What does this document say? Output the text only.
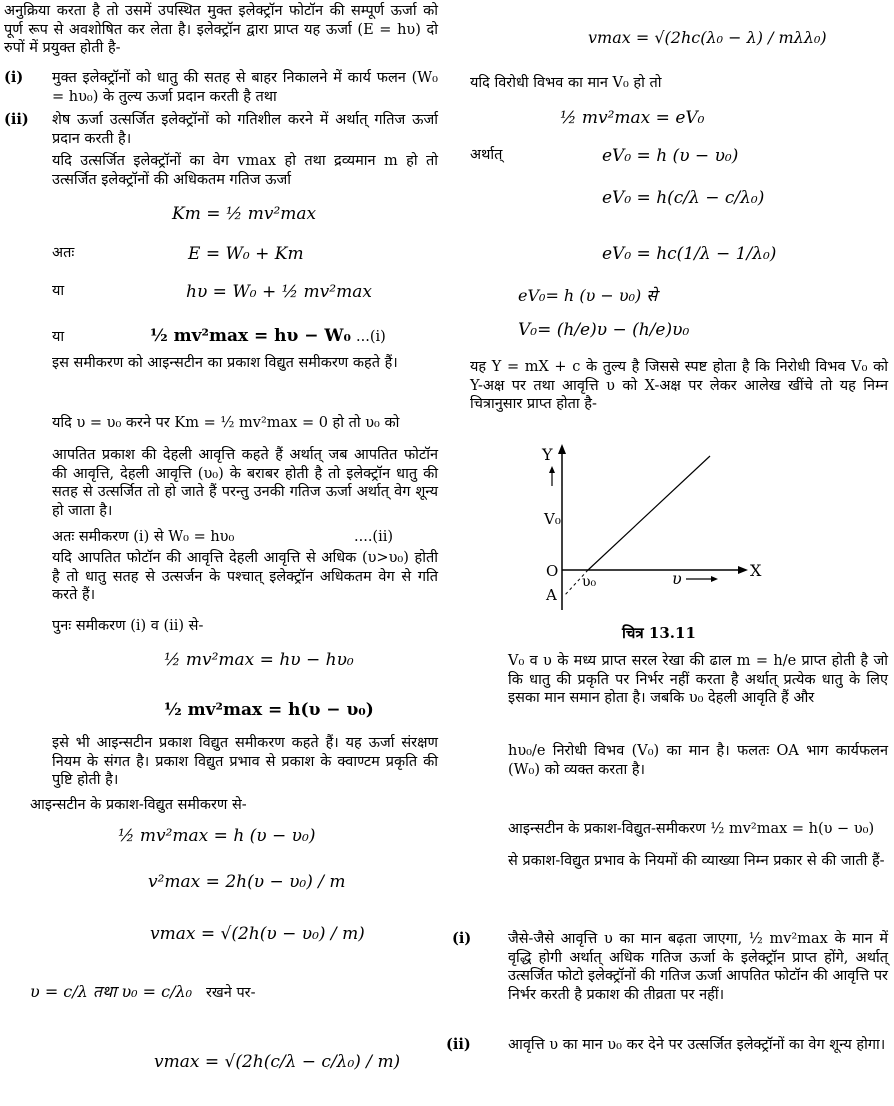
अनुक्रिया करता है तो उसमें उपस्थित मुक्त इलेक्ट्रॉन फोटॉन की सम्पूर्ण ऊर्जा को पूर्ण रूप से अवशोषित कर लेता है। इलेक्ट्रॉन द्वारा प्राप्त यह ऊर्जा (E = hυ) दो रुपों में प्रयुक्त होती है-

(i) मुक्त इलेक्ट्रॉनों को धातु की सतह से बाहर निकालने में कार्य फलन (W₀ = hυ₀) के तुल्य ऊर्जा प्रदान करती है तथा

(ii) शेष ऊर्जा उत्सर्जित इलेक्ट्रॉनों को गतिशील करने में अर्थात् गतिज ऊर्जा प्रदान करती है।

यदि उत्सर्जित इलेक्ट्रॉनों का वेग vmax हो तथा द्रव्यमान m हो तो उत्सर्जित इलेक्ट्रॉनों की अधिकतम गतिज ऊर्जा

Km = ½ mv²max
अतः	E = W₀ + Km
या	hυ = W₀ + ½ mv²max
या	½ mv²max = hυ − W₀ ...(i)

इस समीकरण को आइन्सटीन का प्रकाश विद्युत समीकरण कहते हैं।

यदि υ = υ₀ करने पर Km = ½ mv²max = 0 हो तो υ₀ को

आपतित प्रकाश की देहली आवृत्ति कहते हैं अर्थात् जब आपतित फोटॉन की आवृत्ति, देहली आवृत्ति (υ₀) के बराबर होती है तो इलेक्ट्रॉन धातु की सतह से उत्सर्जित तो हो जाते हैं परन्तु उनकी गतिज ऊर्जा अर्थात् वेग शून्य हो जाता है।

अतः समीकरण (i) से W₀ = hυ₀	....(ii)

यदि आपतित फोटॉन की आवृत्ति देहली आवृत्ति से अधिक (υ>υ₀) होती है तो धातु सतह से उत्सर्जन के पश्चात् इलेक्ट्रॉन अधिकतम वेग से गति करते हैं।

पुनः समीकरण (i) व (ii) से-
½ mv²max = hυ − hυ₀
½ mv²max = h(υ − υ₀)

इसे भी आइन्सटीन प्रकाश विद्युत समीकरण कहते हैं। यह ऊर्जा संरक्षण नियम के संगत है। प्रकाश विद्युत प्रभाव से प्रकाश के क्वाण्टम प्रकृति की पुष्टि होती है।

आइन्सटीन के प्रकाश-विद्युत समीकरण से-
½ mv²max = h (υ − υ₀)
v²max = 2h(υ − υ₀) / m
vmax = √(2h(υ − υ₀) / m)
υ = c/λ तथा υ₀ = c/λ₀ रखने पर-
vmax = √(2h(c/λ − c/λ₀) / m)
vmax = √(2hc(λ₀ − λ) / mλλ₀)
यदि विरोधी विभव का मान V₀ हो तो
½ mv²max = eV₀
अर्थात्	eV₀ = h (υ − υ₀)
eV₀ = h(c/λ − c/λ₀)
eV₀ = hc(1/λ − 1/λ₀)
eV₀= h (υ − υ₀) से
V₀= (h/e)υ − (h/e)υ₀

यह Y = mX + c के तुल्य है जिससे स्पष्ट होता है कि निरोधी विभव V₀ को Y-अक्ष पर तथा आवृत्ति υ को X-अक्ष पर लेकर आलेख खींचे तो यह निम्न चित्रानुसार प्राप्त होता है-

Y
X
V₀
υ
O
A
υ₀
चित्र 13.11

V₀ व υ के मध्य प्राप्त सरल रेखा की ढाल m = h/e प्राप्त होती है जो कि धातु की प्रकृति पर निर्भर नहीं करता है अर्थात् प्रत्येक धातु के लिए इसका मान समान होता है। जबकि υ₀ देहली आवृति हैं और

hυ₀/e निरोधी विभव (V₀) का मान है। फलतः OA भाग कार्यफलन (W₀) को व्यक्त करता है।

आइन्सटीन के प्रकाश-विद्युत-समीकरण ½ mv²max = h(υ − υ₀)

से प्रकाश-विद्युत प्रभाव के नियमों की व्याख्या निम्न प्रकार से की जाती हैं-

(i)	जैसे-जैसे आवृत्ति υ का मान बढ़ता जाएगा, ½ mv²max के मान में वृद्धि होगी अर्थात् अधिक गतिज ऊर्जा के इलेक्ट्रॉन प्राप्त होंगे, अर्थात् उत्सर्जित फोटो इलेक्ट्रॉनों की गतिज ऊर्जा आपतित फोटॉन की आवृत्ति पर निर्भर करती है प्रकाश की तीव्रता पर नहीं।

(ii)	आवृत्ति υ का मान υ₀ कर देने पर उत्सर्जित इलेक्ट्रॉनों का वेग शून्य होगा।
